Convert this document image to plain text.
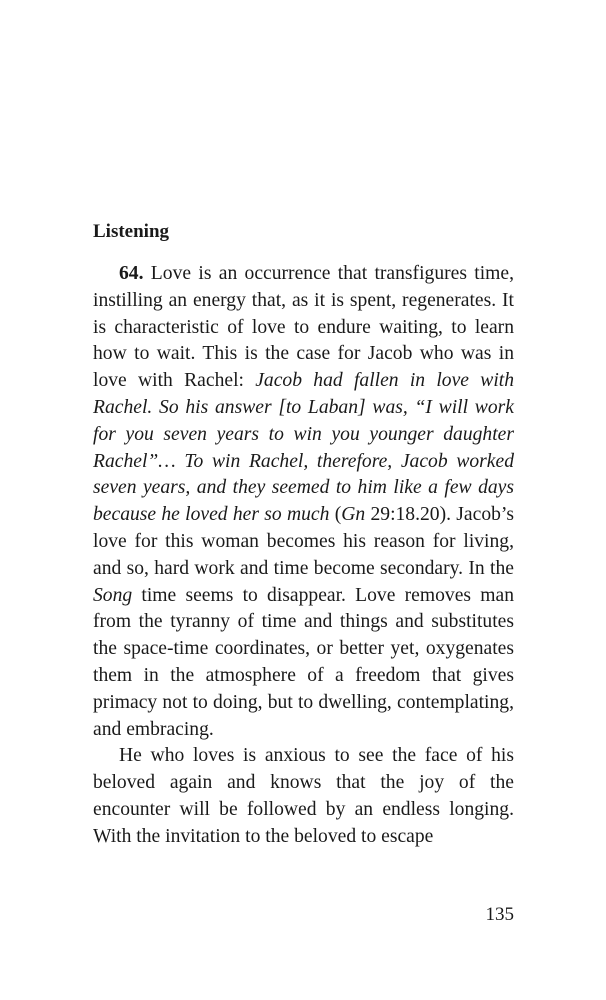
Listening

64. Love is an occurrence that transfigures time, instilling an energy that, as it is spent, regenerates. It is characteristic of love to endure waiting, to learn how to wait. This is the case for Jacob who was in love with Rachel: Jacob had fallen in love with Rachel. So his answer [to Laban] was, “I will work for you seven years to win you younger daughter Rachel”… To win Rachel, therefore, Jacob worked seven years, and they seemed to him like a few days because he loved her so much (Gn 29:18.20). Jacob’s love for this woman becomes his reason for living, and so, hard work and time become secondary. In the Song time seems to disappear. Love removes man from the tyranny of time and things and substitutes the space-time coordinates, or better yet, oxygenates them in the atmosphere of a freedom that gives primacy not to doing, but to dwelling, contemplating, and embracing.

He who loves is anxious to see the face of his beloved again and knows that the joy of the encounter will be followed by an endless longing. With the invitation to the beloved to escape

135
